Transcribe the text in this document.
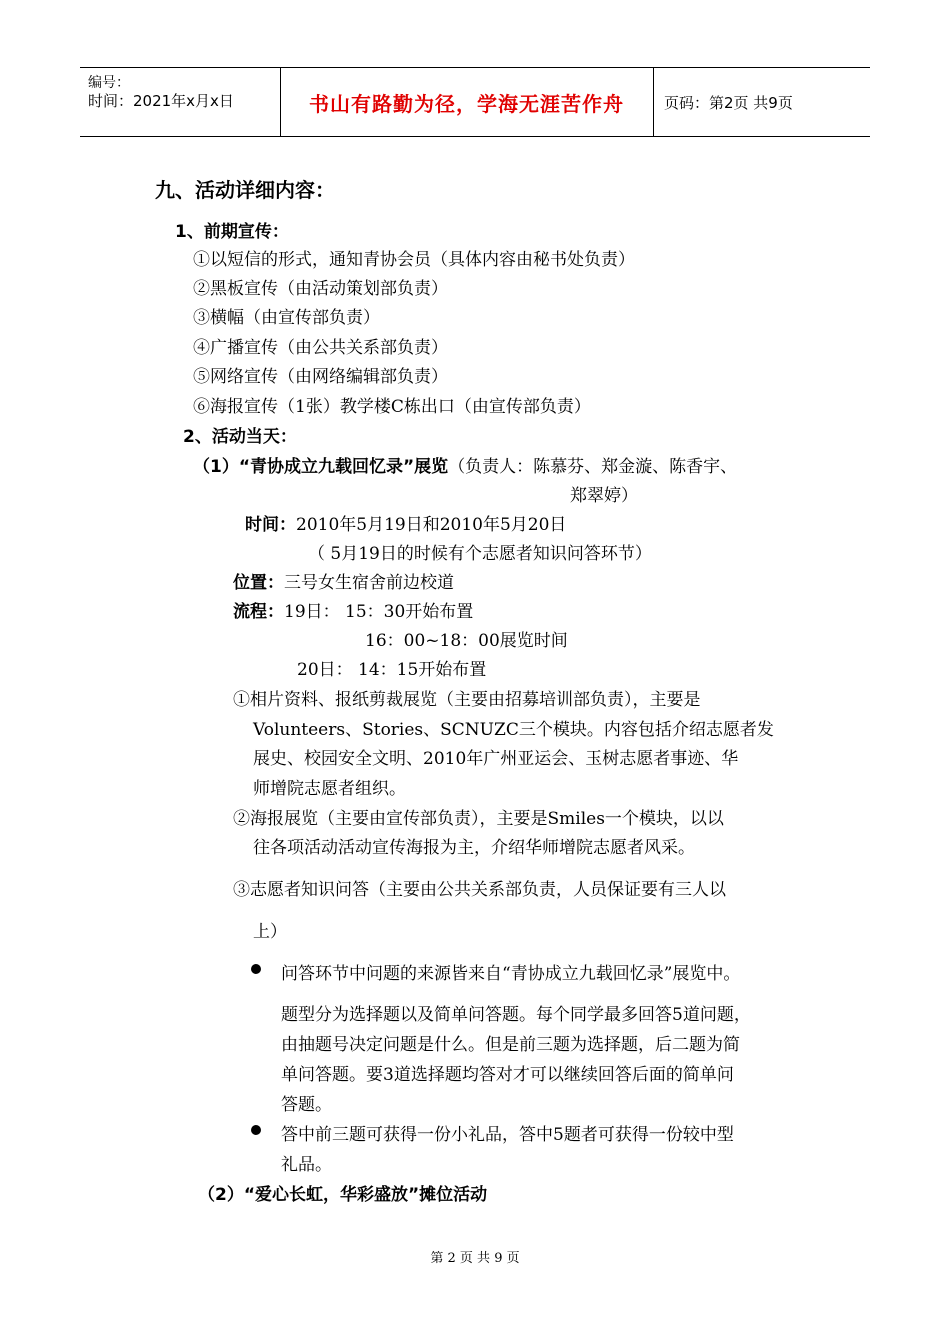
编号：
时间：2021年x月x日	书山有路勤为径，学海无涯苦作舟	页码：第2页 共9页
九、活动详细内容：
1、前期宣传：
①以短信的形式，通知青协会员（具体内容由秘书处负责）
②黑板宣传（由活动策划部负责）
③横幅（由宣传部负责）
④广播宣传（由公共关系部负责）
⑤网络宣传（由网络编辑部负责）
⑥海报宣传（1张）教学楼C栋出口（由宣传部负责）
2、活动当天：
（1）“青协成立九载回忆录”展览（负责人：陈慕芬、郑金漩、陈香宇、
郑翠婷）
时间：2010年5月19日和2010年5月20日
（ 5月19日的时候有个志愿者知识问答环节）
位置：三号女生宿舍前边校道
流程：19日： 15：30开始布置
16：00~18：00展览时间
20日： 14：15开始布置
①相片资料、报纸剪裁展览（主要由招募培训部负责），主要是
Volunteers、Stories、SCNUZC三个模块。内容包括介绍志愿者发
展史、校园安全文明、2010年广州亚运会、玉树志愿者事迹、华
师增院志愿者组织。
②海报展览（主要由宣传部负责），主要是Smiles一个模块，以以
往各项活动活动宣传海报为主，介绍华师增院志愿者风采。
③志愿者知识问答（主要由公共关系部负责，人员保证要有三人以
上）
问答环节中问题的来源皆来自“青协成立九载回忆录”展览中。
题型分为选择题以及简单问答题。每个同学最多回答5道问题，
由抽题号决定问题是什么。但是前三题为选择题，后二题为简
单问答题。要3道选择题均答对才可以继续回答后面的简单问
答题。
答中前三题可获得一份小礼品，答中5题者可获得一份较中型
礼品。
（2）“爱心长虹，华彩盛放”摊位活动
第 2 页 共 9 页
